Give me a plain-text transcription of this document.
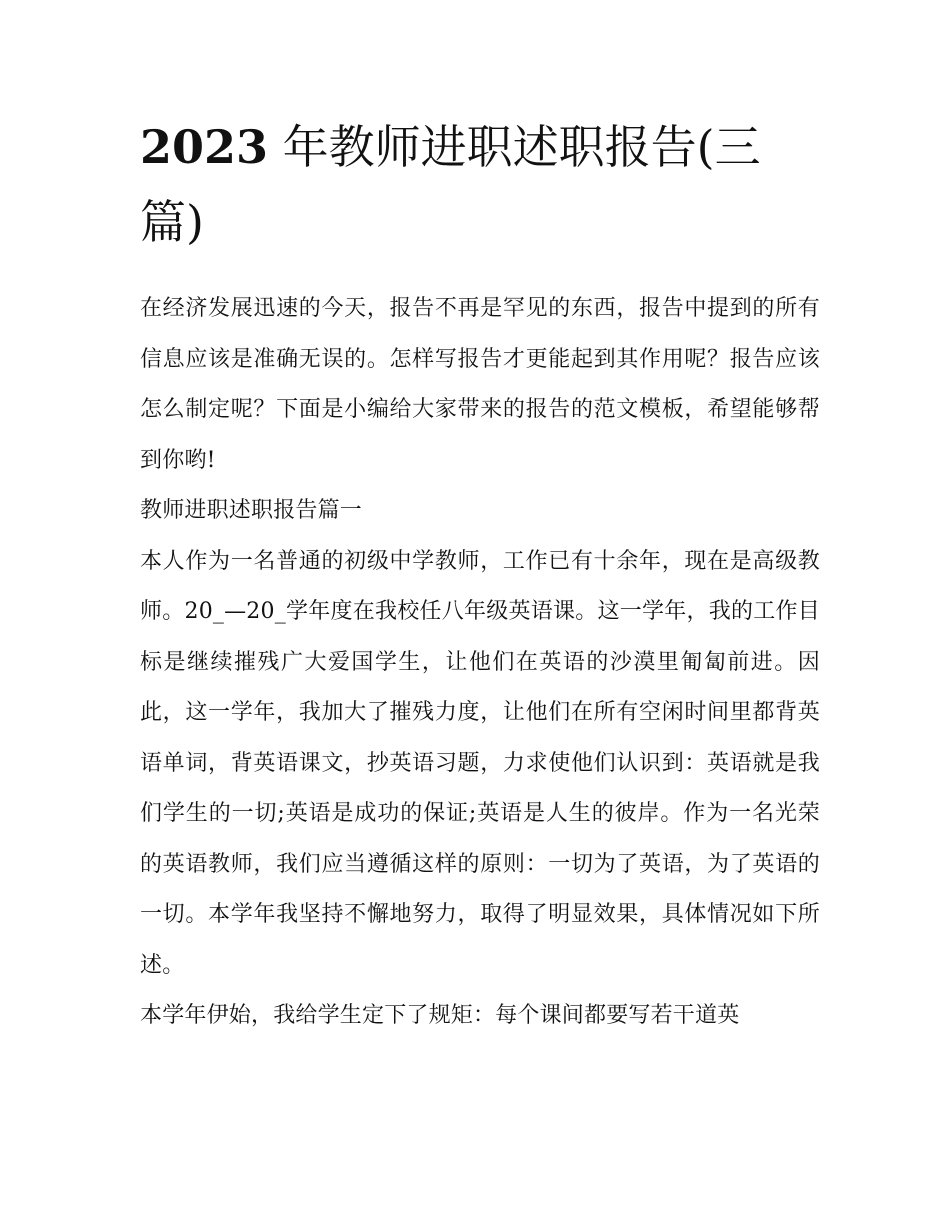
2023 年教师进职述职报告(三篇)

在经济发展迅速的今天，报告不再是罕见的东西，报告中提到的所有信息应该是准确无误的。怎样写报告才更能起到其作用呢？报告应该怎么制定呢？下面是小编给大家带来的报告的范文模板，希望能够帮到你哟!

教师进职述职报告篇一

本人作为一名普通的初级中学教师，工作已有十余年，现在是高级教师。20_—20_学年度在我校任八年级英语课。这一学年，我的工作目标是继续摧残广大爱国学生，让他们在英语的沙漠里匍匐前进。因此，这一学年，我加大了摧残力度，让他们在所有空闲时间里都背英语单词，背英语课文，抄英语习题，力求使他们认识到：英语就是我们学生的一切;英语是成功的保证;英语是人生的彼岸。作为一名光荣的英语教师，我们应当遵循这样的原则：一切为了英语，为了英语的一切。本学年我坚持不懈地努力，取得了明显效果，具体情况如下所述。

本学年伊始，我给学生定下了规矩：每个课间都要写若干道英
